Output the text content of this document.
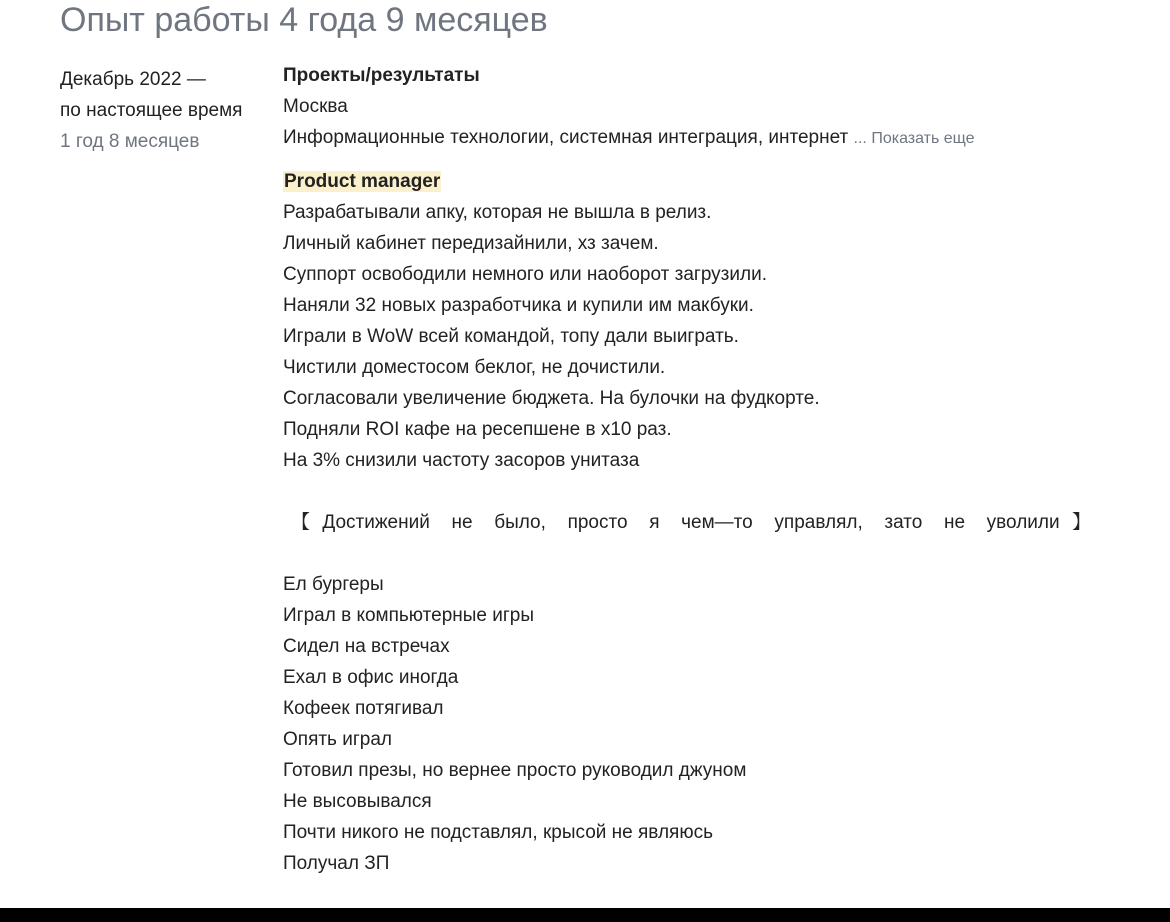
Опыт работы 4 года 9 месяцев
Декабрь 2022 —
по настоящее время
1 год 8 месяцев
Проекты/результаты
Москва
Информационные технологии, системная интеграция, интернет ... Показать еще
Product manager
Разрабатывали апку, которая не вышла в релиз.
Личный кабинет передизайнили, хз зачем.
Суппорт освободили немного или наоборот загрузили.
Наняли 32 новых разработчика и купили им макбуки.
Играли в WoW всей командой, топу дали выиграть.
Чистили доместосом беклог, не дочистили.
Согласовали увеличение бюджета. На булочки на фудкорте.
Подняли ROI кафе на ресепшене в х10 раз.
На 3% снизили частоту засоров унитаза
【Достижений не было, просто я чем—то управлял, зато не уволили】
Ел бургеры
Играл в компьютерные игры
Сидел на встречах
Ехал в офис иногда
Кофеек потягивал
Опять играл
Готовил презы, но вернее просто руководил джуном
Не высовывался
Почти никого не подставлял, крысой не являюсь
Получал ЗП
